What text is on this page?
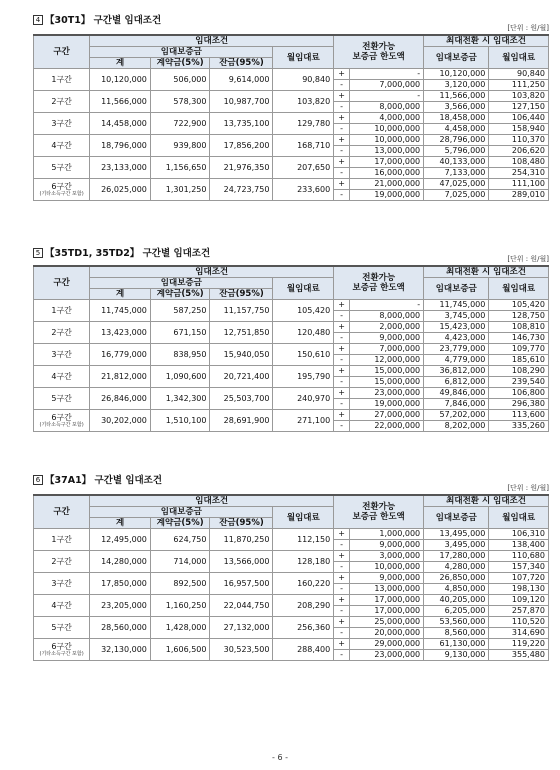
4 【30T1】 구간별 임대조건
[단위 : 원/월]
구간	임대조건				전환가능
보증금 한도액		최대전환 시 임대조건	
	임대보증금			월임대료			임대보증금	월임대료
	계	계약금(5%)	잔금(95%)					
1구간	10,120,000	506,000	9,614,000	90,840	+	-	10,120,000	90,840
					-	7,000,000	3,120,000	111,250
2구간	11,566,000	578,300	10,987,700	103,820	+	-	11,566,000	103,820
					-	8,000,000	3,566,000	127,150
3구간	14,458,000	722,900	13,735,100	129,780	+	4,000,000	18,458,000	106,440
					-	10,000,000	4,458,000	158,940
4구간	18,796,000	939,800	17,856,200	168,710	+	10,000,000	28,796,000	110,370
					-	13,000,000	5,796,000	206,620
5구간	23,133,000	1,156,650	21,976,350	207,650	+	17,000,000	40,133,000	108,480
					-	16,000,000	7,133,000	254,310

6구간
(기타소득구간 포함)	26,025,000	1,301,250	24,723,750	233,600	+	21,000,000	47,025,000	111,100
					-	19,000,000	7,025,000	289,010
5 【35TD1, 35TD2】 구간별 임대조건	[단위 : 원/월]
구간	임대조건				전환가능
보증금 한도액		최대전환 시 임대조건	
	임대보증금			월임대료			임대보증금	월임대료
	계	계약금(5%)	잔금(95%)					
1구간	11,745,000	587,250	11,157,750	105,420	+	-	11,745,000	105,420
					-	8,000,000	3,745,000	128,750
2구간	13,423,000	671,150	12,751,850	120,480	+	2,000,000	15,423,000	108,810
					-	9,000,000	4,423,000	146,730
3구간	16,779,000	838,950	15,940,050	150,610	+	7,000,000	23,779,000	109,770
					-	12,000,000	4,779,000	185,610
4구간	21,812,000	1,090,600	20,721,400	195,790	+	15,000,000	36,812,000	108,290
					-	15,000,000	6,812,000	239,540
5구간	26,846,000	1,342,300	25,503,700	240,970	+	23,000,000	49,846,000	106,800
					-	19,000,000	7,846,000	296,380

6구간
(기타소득구간 포함)	30,202,000	1,510,100	28,691,900	271,100	+	27,000,000	57,202,000	113,600
					-	22,000,000	8,202,000	335,260
6 【37A1】 구간별 임대조건
[단위 : 원/월]
구간	임대조건				전환가능
보증금 한도액		최대전환 시 임대조건	
	임대보증금			월임대료			임대보증금	월임대료
	계	계약금(5%)	잔금(95%)					
1구간	12,495,000	624,750	11,870,250	112,150	+	1,000,000	13,495,000	106,310
					-	9,000,000	3,495,000	138,400
2구간	14,280,000	714,000	13,566,000	128,180	+	3,000,000	17,280,000	110,680
					-	10,000,000	4,280,000	157,340
3구간	17,850,000	892,500	16,957,500	160,220	+	9,000,000	26,850,000	107,720
					-	13,000,000	4,850,000	198,130
4구간	23,205,000	1,160,250	22,044,750	208,290	+	17,000,000	40,205,000	109,120
					-	17,000,000	6,205,000	257,870
5구간	28,560,000	1,428,000	27,132,000	256,360	+	25,000,000	53,560,000	110,520
					-	20,000,000	8,560,000	314,690

6구간
(기타소득구간 포함)	32,130,000	1,606,500	30,523,500	288,400	+	29,000,000	61,130,000	119,220
					-	23,000,000	9,130,000	355,480
- 6 -
